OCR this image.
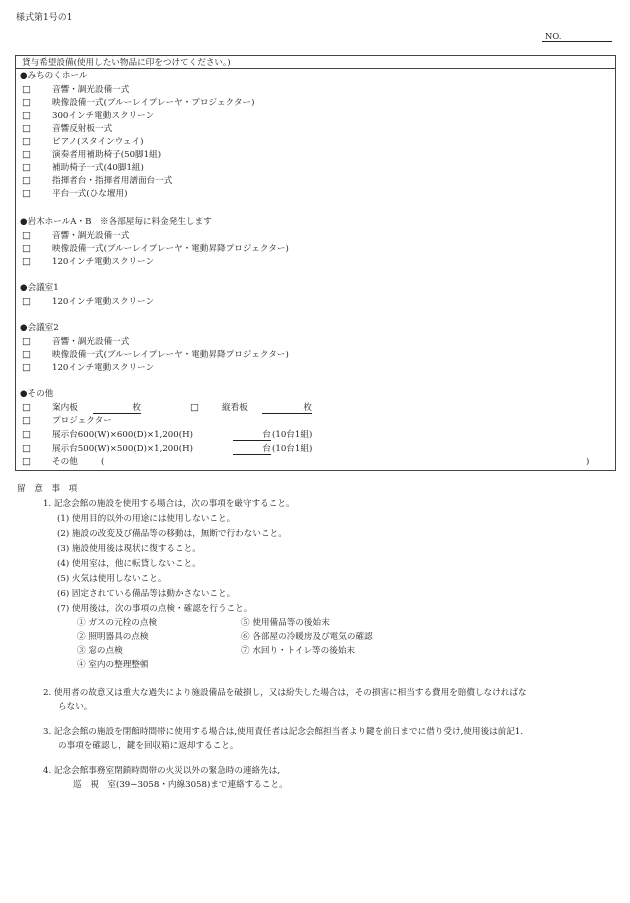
様式第1号の1
NO.
貸与希望設備(使用したい物品に印をつけてください。)
●みちのくホール
□ 音響・調光設備一式
□ 映像設備一式(ブルーレイプレーヤ・プロジェクター)
□ 300インチ電動スクリーン
□ 音響反射板一式
□ ピアノ(スタインウェイ)
□ 演奏者用補助椅子(50脚1組)
□ 補助椅子一式(40脚1組)
□ 指揮者台・指揮者用譜面台一式
□ 平台一式(ひな壇用)
●岩木ホールA・B　※各部屋毎に料金発生します
□ 音響・調光設備一式
□ 映像設備一式(ブルーレイプレーヤ・電動昇降プロジェクター)
□ 120インチ電動スクリーン
●会議室1
□ 120インチ電動スクリーン
●会議室2
□ 音響・調光設備一式
□ 映像設備一式(ブルーレイプレーヤ・電動昇降プロジェクター)
□ 120インチ電動スクリーン
●その他
□ 案内板	枚	□	縦看板	枚
□ プロジェクター
□ 展示台600(W)×600(D)×1,200(H)	台 (10台1組)
□ 展示台500(W)×500(D)×1,200(H)	台 (10台1組)
□ その他	(	)
留　意　事　項
1. 記念会館の施設を使用する場合は，次の事項を厳守すること。
(1) 使用目的以外の用途には使用しないこと。
(2) 施設の改変及び備品等の移動は，無断で行わないこと。
(3) 施設使用後は現状に復すること。
(4) 使用室は，他に転貸しないこと。
(5) 火気は使用しないこと。
(6) 固定されている備品等は動かさないこと。
(7) 使用後は，次の事項の点検・確認を行うこと。
① ガスの元栓の点検
② 照明器具の点検
③ 窓の点検
④ 室内の整理整頓
⑤ 使用備品等の後始末
⑥ 各部屋の冷暖房及び電気の確認
⑦ 水回り・トイレ等の後始末
2. 使用者の故意又は重大な過失により施設備品を破損し，又は紛失した場合は，その損害に相当する費用を賠償しなければな
らない。
3. 記念会館の施設を閉館時間帯に使用する場合は,使用責任者は記念会館担当者より鍵を前日までに借り受け,使用後は前記1.
の事項を確認し，鍵を回収箱に返却すること。
4. 記念会館事務室閉鎖時間帯の火災以外の緊急時の連絡先は,
巡　視　室(39−3058・内線3058)まで連絡すること。
